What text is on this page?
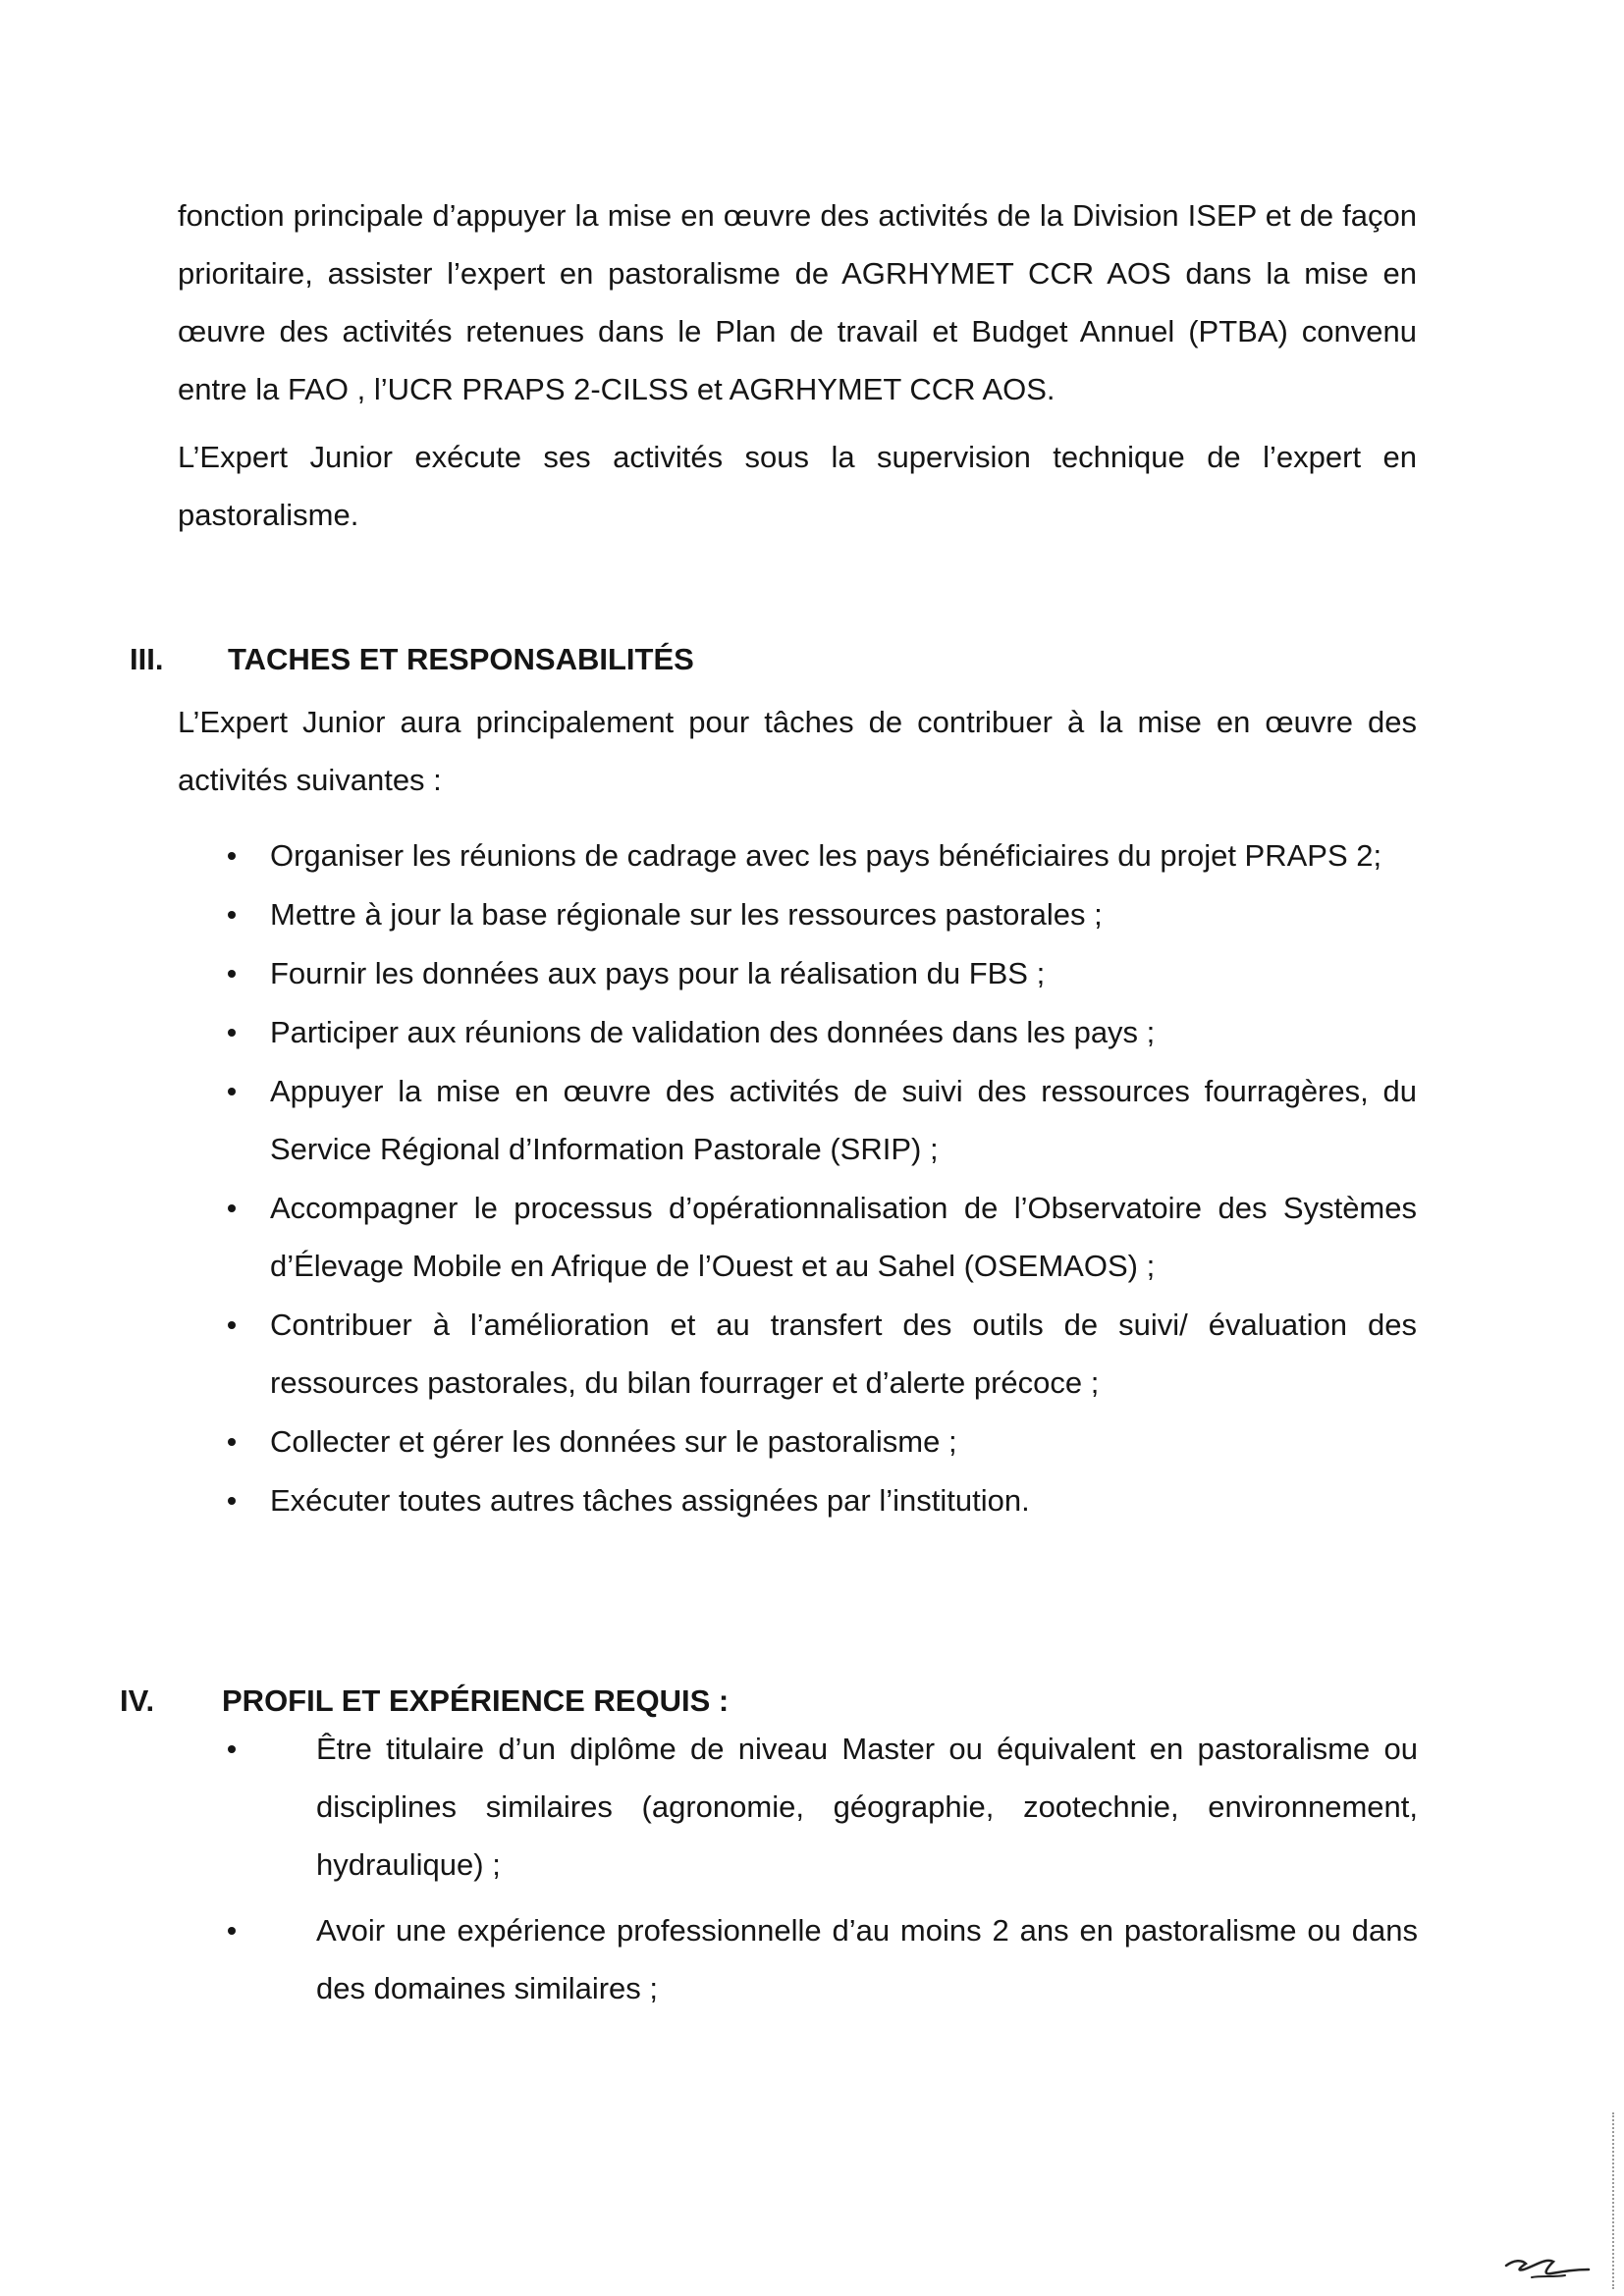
fonction principale d’appuyer la mise en œuvre des activités de la Division ISEP et de façon prioritaire, assister l’expert en pastoralisme de AGRHYMET CCR AOS dans la mise en œuvre des activités retenues dans le Plan de travail et Budget Annuel (PTBA) convenu entre la FAO , l’UCR PRAPS 2-CILSS et AGRHYMET CCR AOS.

L’Expert Junior exécute ses activités sous la supervision technique de l’expert en pastoralisme.

III. TACHES ET RESPONSABILITÉS

L’Expert Junior aura principalement pour tâches de contribuer à la mise en œuvre des activités suivantes :

Organiser les réunions de cadrage avec les pays bénéficiaires du projet PRAPS 2;
Mettre à jour la base régionale sur les ressources pastorales ;
Fournir les données aux pays pour la réalisation du FBS ;
Participer aux réunions de validation des données dans les pays ;
Appuyer la mise en œuvre des activités de suivi des ressources fourragères, du Service Régional d’Information Pastorale (SRIP) ;
Accompagner le processus d’opérationnalisation de l’Observatoire des Systèmes d’Élevage Mobile en Afrique de l’Ouest et au Sahel (OSEMAOS) ;
Contribuer à l’amélioration et au transfert des outils de suivi/ évaluation des ressources pastorales, du bilan fourrager et d’alerte précoce ;
Collecter et gérer les données sur le pastoralisme ;
Exécuter toutes autres tâches assignées par l’institution.
IV. PROFIL ET EXPÉRIENCE REQUIS :
Être titulaire d’un diplôme de niveau Master ou équivalent en pastoralisme ou disciplines similaires (agronomie, géographie, zootechnie, environnement, hydraulique) ;
Avoir une expérience professionnelle d’au moins 2 ans en pastoralisme ou dans des domaines similaires ;
